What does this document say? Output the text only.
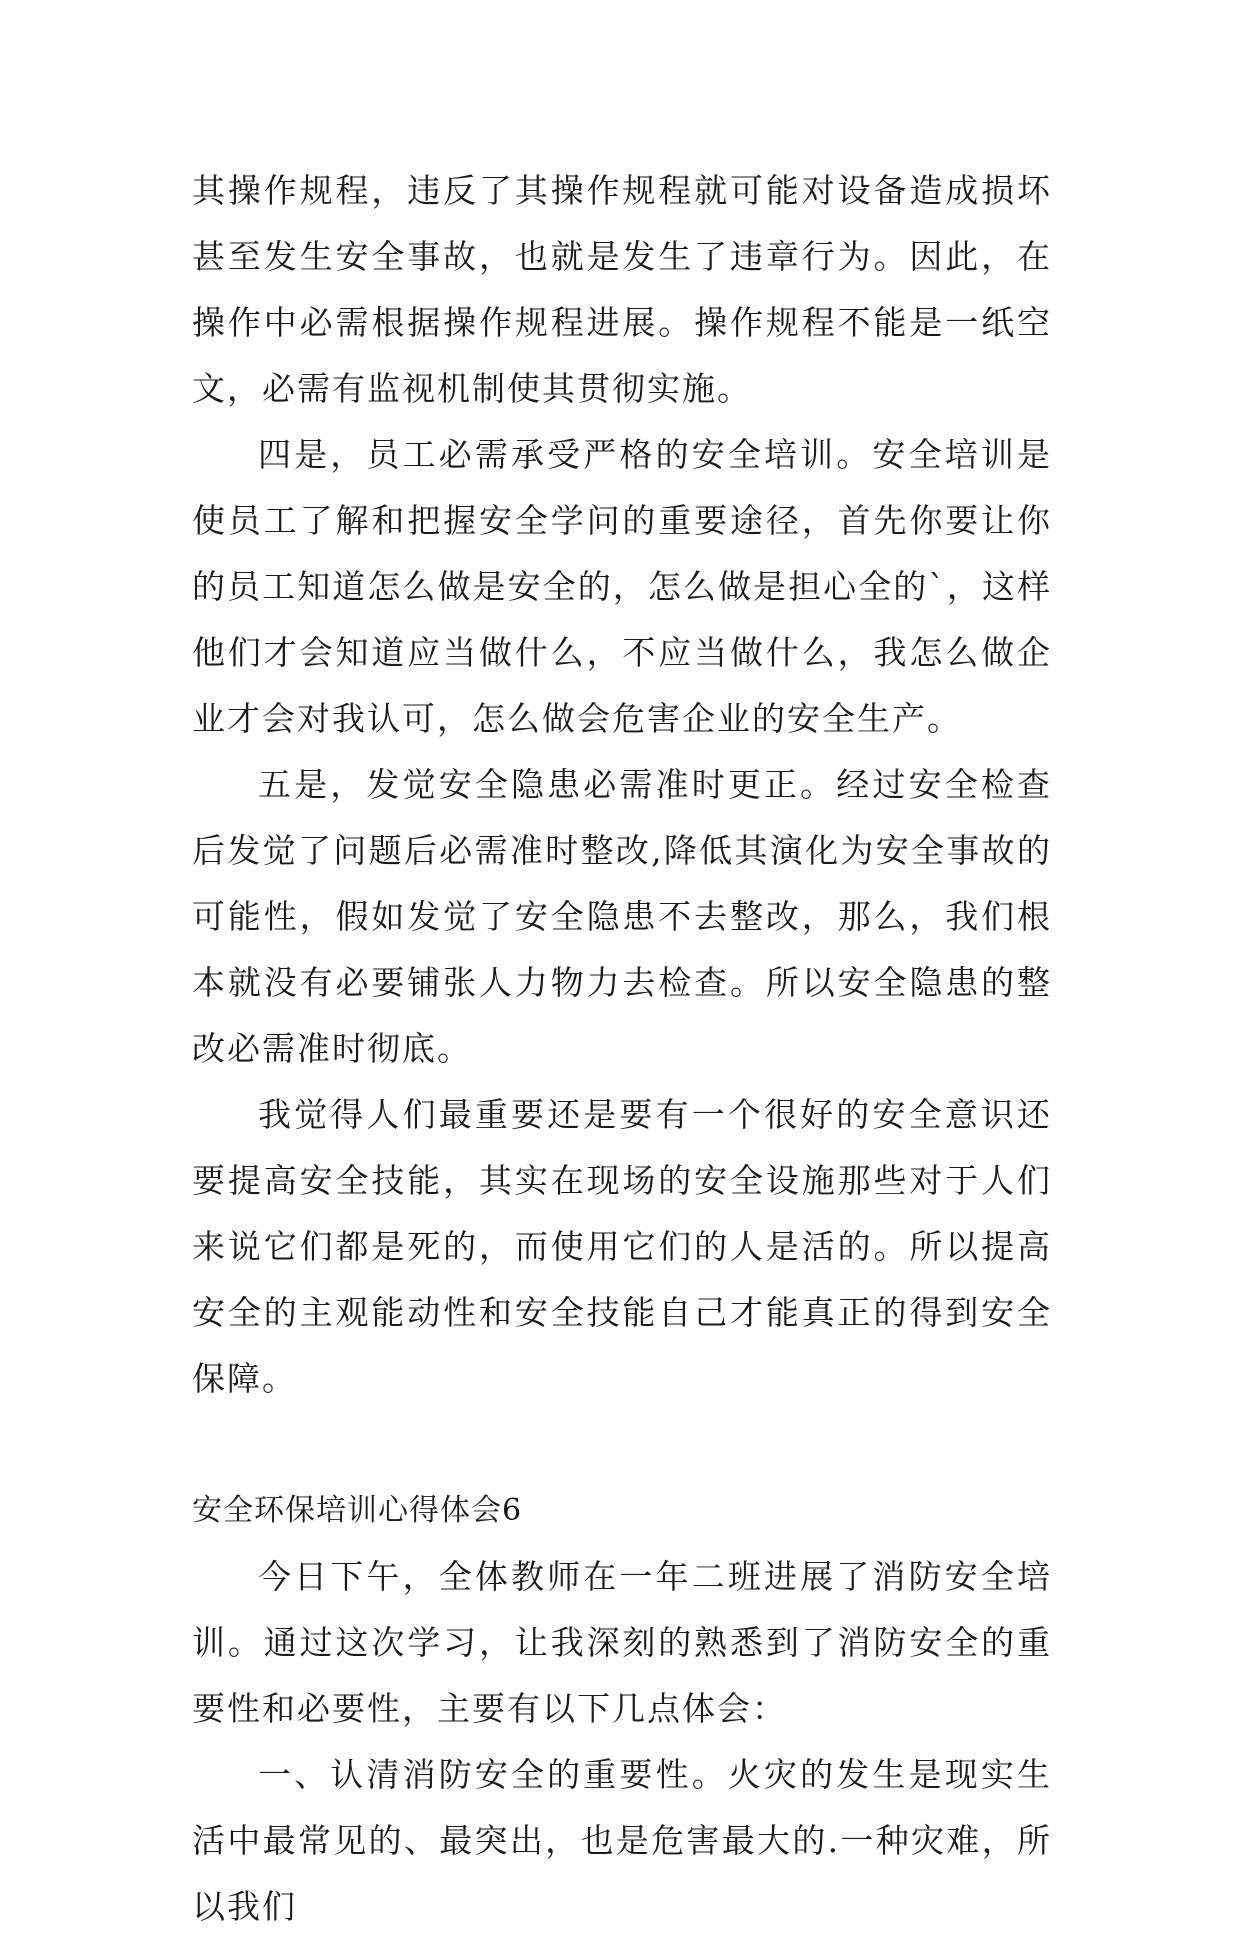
其操作规程，违反了其操作规程就可能对设备造成损坏甚至发生安全事故，也就是发生了违章行为。因此，在操作中必需根据操作规程进展。操作规程不能是一纸空文，必需有监视机制使其贯彻实施。

四是，员工必需承受严格的安全培训。安全培训是使员工了解和把握安全学问的重要途径，首先你要让你的员工知道怎么做是安全的，怎么做是担心全的`，这样他们才会知道应当做什么，不应当做什么，我怎么做企业才会对我认可，怎么做会危害企业的安全生产。

五是，发觉安全隐患必需准时更正。经过安全检查后发觉了问题后必需准时整改,降低其演化为安全事故的可能性，假如发觉了安全隐患不去整改，那么，我们根本就没有必要铺张人力物力去检查。所以安全隐患的整改必需准时彻底。

我觉得人们最重要还是要有一个很好的安全意识还要提高安全技能，其实在现场的安全设施那些对于人们来说它们都是死的，而使用它们的人是活的。所以提高安全的主观能动性和安全技能自己才能真正的得到安全保障。

安全环保培训心得体会6

今日下午，全体教师在一年二班进展了消防安全培训。通过这次学习，让我深刻的熟悉到了消防安全的重要性和必要性，主要有以下几点体会：

一、认清消防安全的重要性。火灾的发生是现实生活中最常见的、最突出，也是危害最大的.一种灾难，所以我们
